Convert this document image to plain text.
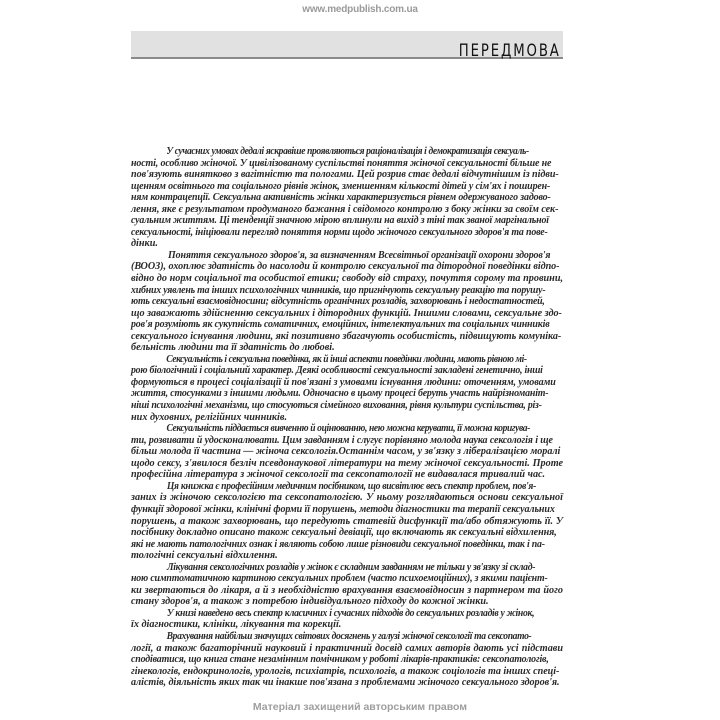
www.medpublish.com.ua
ПЕРЕДМОВА
У сучасних умовах дедалі яскравіше проявляються раціоналізація і демократизація сексуаль-
ності, особливо жіночої. У цивілізованому суспільстві поняття жіночої сексуальності більше не
пов'язують винятково з вагітністю та пологами. Цей розрив стає дедалі відчутнішим із підви-
щенням освітнього та соціального рівнів жінок, зменшенням кількості дітей у сім'ях і поширен-
ням контрацепції. Сексуальна активність жінки характеризується рівнем одержуваного задово-
лення, яке є результатом продуманого бажання і свідомого контролю з боку жінки за своїм сек-
суальним життям. Ці тенденції значною мірою вплинули на вихід з тіні так званої маргінальної
сексуальності, ініціювали перегляд поняття норми щодо жіночого сексуального здоров'я та пове-
дінки.
Поняття сексуального здоров'я, за визначенням Всесвітньої організації охорони здоров'я
(ВООЗ), охоплює здатність до насолоди й контролю сексуальної та дітородної поведінки відпо-
відно до норм соціальної та особистої етики; свободу від страху, почуття сорому та провини,
хибних уявлень та інших психологічних чинників, що пригнічують сексуальну реакцію та порушу-
ють сексуальні взаємовідносини; відсутність органічних розладів, захворювань і недостатностей,
що заважають здійсненню сексуальних і дітородних функцій. Іншими словами, сексуальне здо-
ров'я розуміють як сукупність соматичних, емоційних, інтелектуальних та соціальних чинників
сексуального існування людини, які позитивно збагачують особистість, підвищують комуніка-
бельність людини та її здатність до любові.
Сексуальність і сексуальна поведінка, як й інші аспекти поведінки людини, мають рівною мі-
рою біологічний і соціальний характер. Деякі особливості сексуальності закладені генетично, інші
формуються в процесі соціалізації й пов'язані з умовами існування людини: оточенням, умовами
життя, стосунками з іншими людьми. Одночасно в цьому процесі беруть участь найрізноманіт-
ніші психологічні механізми, що стосуються сімейного виховання, рівня культури суспільства, різ-
них духовних, релігійних чинників.
Сексуальність піддається вивченню й оцінюванню, нею можна керувати, її можна коригува-
ти, розвивати й удосконалювати. Цим завданням і слугує порівняно молода наука сексологія і ще
більш молода її частина — жіноча сексологія.Останнім часом, у зв'язку з лібералізацією моралі
щодо сексу, з'явилося безліч псевдонаукової літератури на тему жіночої сексуальності. Проте
професійна література з жіночої сексології та сексопатології не видавалася тривалий час.
Ця книжка є професійним медичним посібником, що висвітлює весь спектр проблем, пов'я-
заних із жіночою сексологією та сексопатологією. У ньому розглядаються основи сексуальної
функції здорової жінки, клінічні форми її порушень, методи діагностики та терапії сексуальних
порушень, а також захворювань, що передують статевій дисфункції та/або обтяжують її. У
посібнику докладно описано також сексуальні девіації, що включають як сексуальні відхилення,
які не мають патологічних ознак і являють собою лише різновиди сексуальної поведінки, так і па-
тологічні сексуальні відхилення.
Лікування сексологічних розладів у жінок є складним завданням не тільки у зв'язку зі склад-
ною симптоматичною картиною сексуальних проблем (часто психоемоційних), з якими пацієнт-
ки звертаються до лікаря, а й з необхідністю врахування взаємовідносин з партнером та його
стану здоров'я, а також з потребою індивідуального підходу до кожної жінки.
У книзі наведено весь спектр класичних і сучасних підходів до сексуальних розладів у жінок,
їх діагностики, клініки, лікування та корекції.
Врахування найбільш значущих світових досягнень у галузі жіночої сексології та сексопато-
логії, а також багаторічний науковий і практичний досвід самих авторів дають усі підстави
сподіватися, що книга стане незамінним помічником у роботі лікарів-практиків: сексопатологів,
гінекологів, ендокринологів, урологів, психіатрів, психологів, а також соціологів та інших спеці-
алістів, діяльність яких так чи інакше пов'язана з проблемами жіночого сексуального здоров'я.
Матеріал захищений авторським правом
